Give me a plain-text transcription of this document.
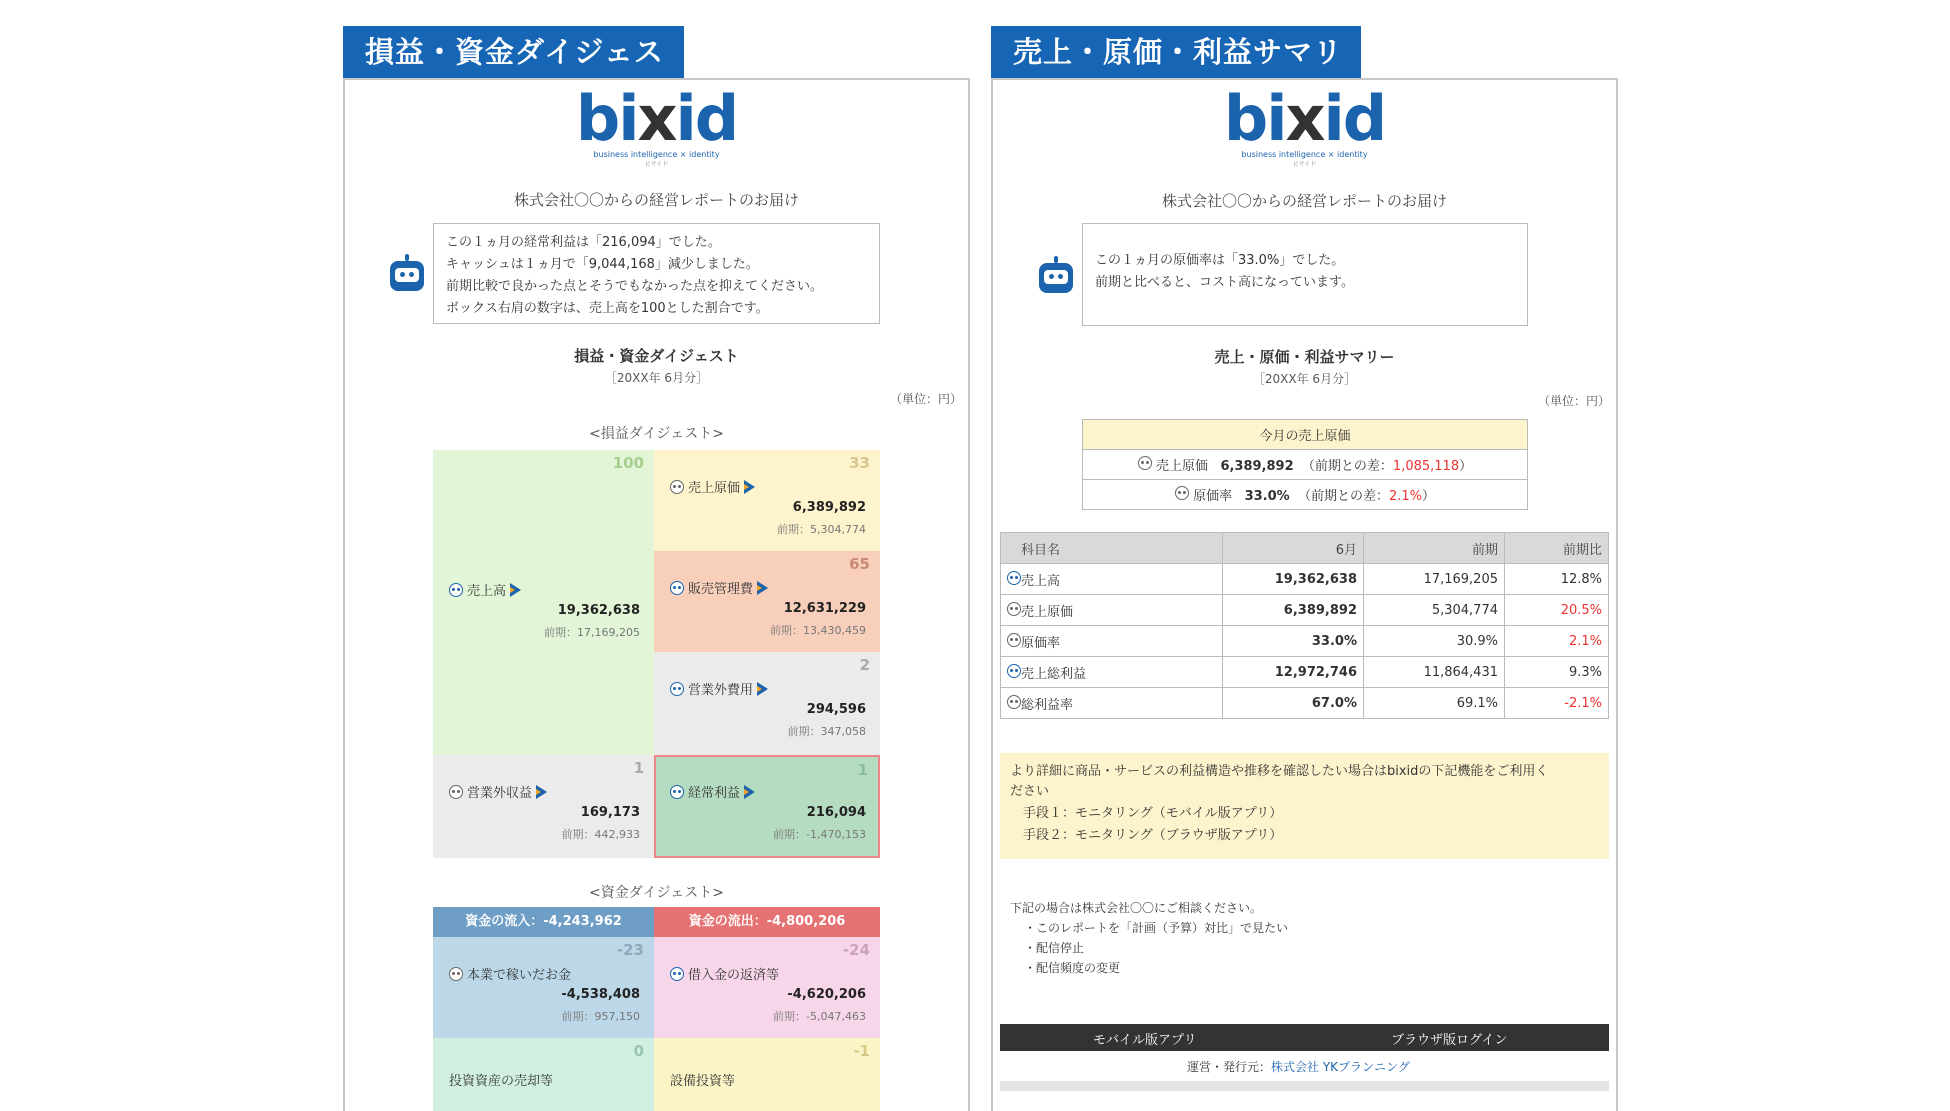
損益・資金ダイジェスト	bixid
business intelligence × identity
ビサイド
株式会社〇〇からの経営レポートのお届け
この１ヵ月の経常利益は「216,094」でした。
キャッシュは１ヵ月で「9,044,168」減少しました。
前期比較で良かった点とそうでもなかった点を抑えてください。
ボックス右肩の数字は、売上高を100とした割合です。
損益・資金ダイジェスト
［20XX年 6月分］
（単位：円）
<損益ダイジェスト>
100
売上高
19,362,638
前期：17,169,205
33
売上原価
6,389,892
前期：5,304,774
65
販売管理費
12,631,229
前期：13,430,459
2
営業外費用
294,596
前期：347,058
1
営業外収益
169,173
前期：442,933
1
経常利益
216,094
前期：-1,470,153
<資金ダイジェスト>
資金の流入：-4,243,962	資金の流出：-4,800,206
-23
本業で稼いだお金
-4,538,408
前期：957,150
-24
借入金の返済等
-4,620,206
前期：-5,047,463
0
投資資産の売却等
-1
設備投資等
売上・原価・利益サマリー	bixid
business intelligence × identity
ビサイド
株式会社〇〇からの経営レポートのお届け
この１ヵ月の原価率は「33.0%」でした。
前期と比べると、コスト高になっています。
売上・原価・利益サマリー
［20XX年 6月分］
（単位：円）
今月の売上原価
売上原価 6,389,892 （前期との差：1,085,118）
原価率 33.0% （前期との差：2.1%）
科目名	6月	前期	前期比
売上高	19,362,638	17,169,205	12.8%
売上原価	6,389,892	5,304,774	20.5%
原価率	33.0%	30.9%	2.1%
売上総利益	12,972,746	11,864,431	9.3%
総利益率	67.0%	69.1%	-2.1%
より詳細に商品・サービスの利益構造や推移を確認したい場合はbixidの下記機能をご利用く
ださい
　手段１：モニタリング（モバイル版アプリ）
　手段２：モニタリング（ブラウザ版アプリ）
下記の場合は株式会社〇〇にご相談ください。
・このレポートを「計画（予算）対比」で見たい
・配信停止
・配信頻度の変更
モバイル版アプリ	ブラウザ版ログイン
運営・発行元：株式会社 YKプランニング
